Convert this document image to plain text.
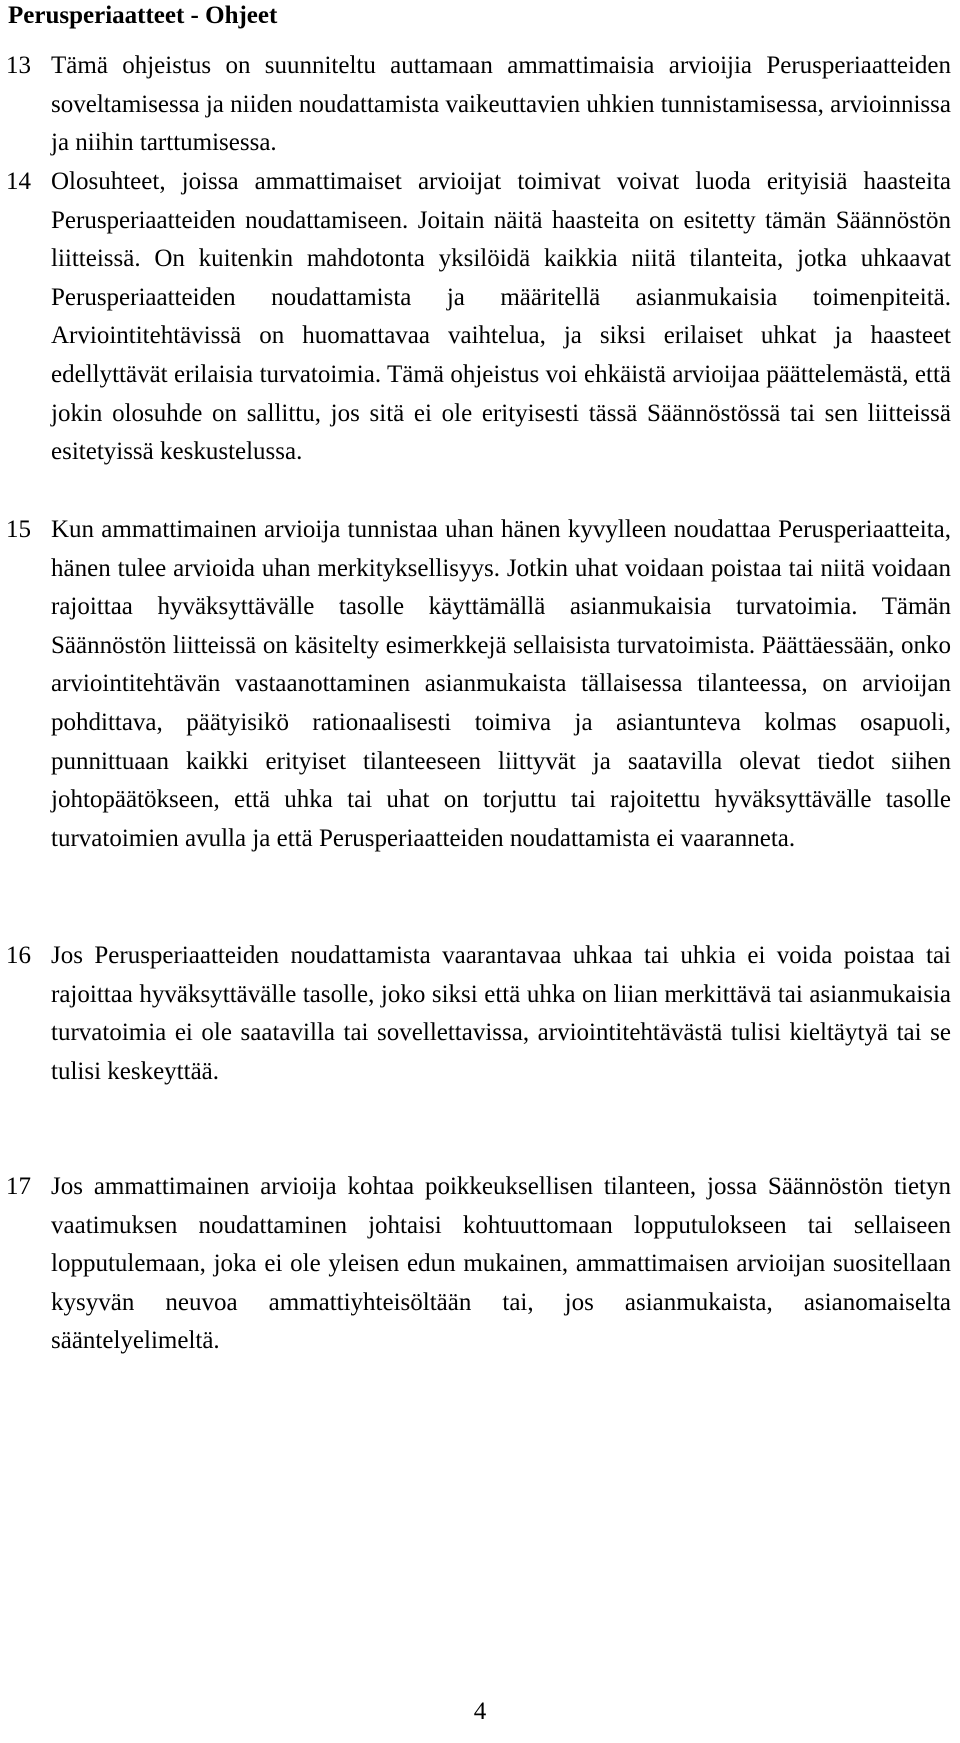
Perusperiaatteet - Ohjeet
13 Tämä ohjeistus on suunniteltu auttamaan ammattimaisia arvioijia Perusperiaatteiden soveltamisessa ja niiden noudattamista vaikeuttavien uhkien tunnistamisessa, arvioinnissa ja niihin tarttumisessa.
14 Olosuhteet, joissa ammattimaiset arvioijat toimivat voivat luoda erityisiä haasteita Perusperiaatteiden noudattamiseen. Joitain näitä haasteita on esitetty tämän Säännöstön liitteissä. On kuitenkin mahdotonta yksilöidä kaikkia niitä tilanteita, jotka uhkaavat Perusperiaatteiden noudattamista ja määritellä asianmukaisia toimenpiteitä. Arviointitehtävissä on huomattavaa vaihtelua, ja siksi erilaiset uhkat ja haasteet edellyttävät erilaisia turvatoimia. Tämä ohjeistus voi ehkäistä arvioijaa päättelemästä, että jokin olosuhde on sallittu, jos sitä ei ole erityisesti tässä Säännöstössä tai sen liitteissä esitetyissä keskustelussa.
15 Kun ammattimainen arvioija tunnistaa uhan hänen kyvylleen noudattaa Perusperiaatteita, hänen tulee arvioida uhan merkityksellisyys. Jotkin uhat voidaan poistaa tai niitä voidaan rajoittaa hyväksyttävälle tasolle käyttämällä asianmukaisia turvatoimia. Tämän Säännöstön liitteissä on käsitelty esimerkkejä sellaisista turvatoimista. Päättäessään, onko arviointitehtävän vastaanottaminen asianmukaista tällaisessa tilanteessa, on arvioijan pohdittava, päätyisikö rationaalisesti toimiva ja asiantunteva kolmas osapuoli, punnittuaan kaikki erityiset tilanteeseen liittyvät ja saatavilla olevat tiedot siihen johtopäätökseen, että uhka tai uhat on torjuttu tai rajoitettu hyväksyttävälle tasolle turvatoimien avulla ja että Perusperiaatteiden noudattamista ei vaaranneta.
16 Jos Perusperiaatteiden noudattamista vaarantavaa uhkaa tai uhkia ei voida poistaa tai rajoittaa hyväksyttävälle tasolle, joko siksi että uhka on liian merkittävä tai asianmukaisia turvatoimia ei ole saatavilla tai sovellettavissa, arviointitehtävästä tulisi kieltäytyä tai se tulisi keskeyttää.
17 Jos ammattimainen arvioija kohtaa poikkeuksellisen tilanteen, jossa Säännöstön tietyn vaatimuksen noudattaminen johtaisi kohtuuttomaan lopputulokseen tai sellaiseen lopputulemaan, joka ei ole yleisen edun mukainen, ammattimaisen arvioijan suositellaan kysyvän neuvoa ammattiyhteisöltään tai, jos asianmukaista, asianomaiselta sääntelyelimeltä.
4
